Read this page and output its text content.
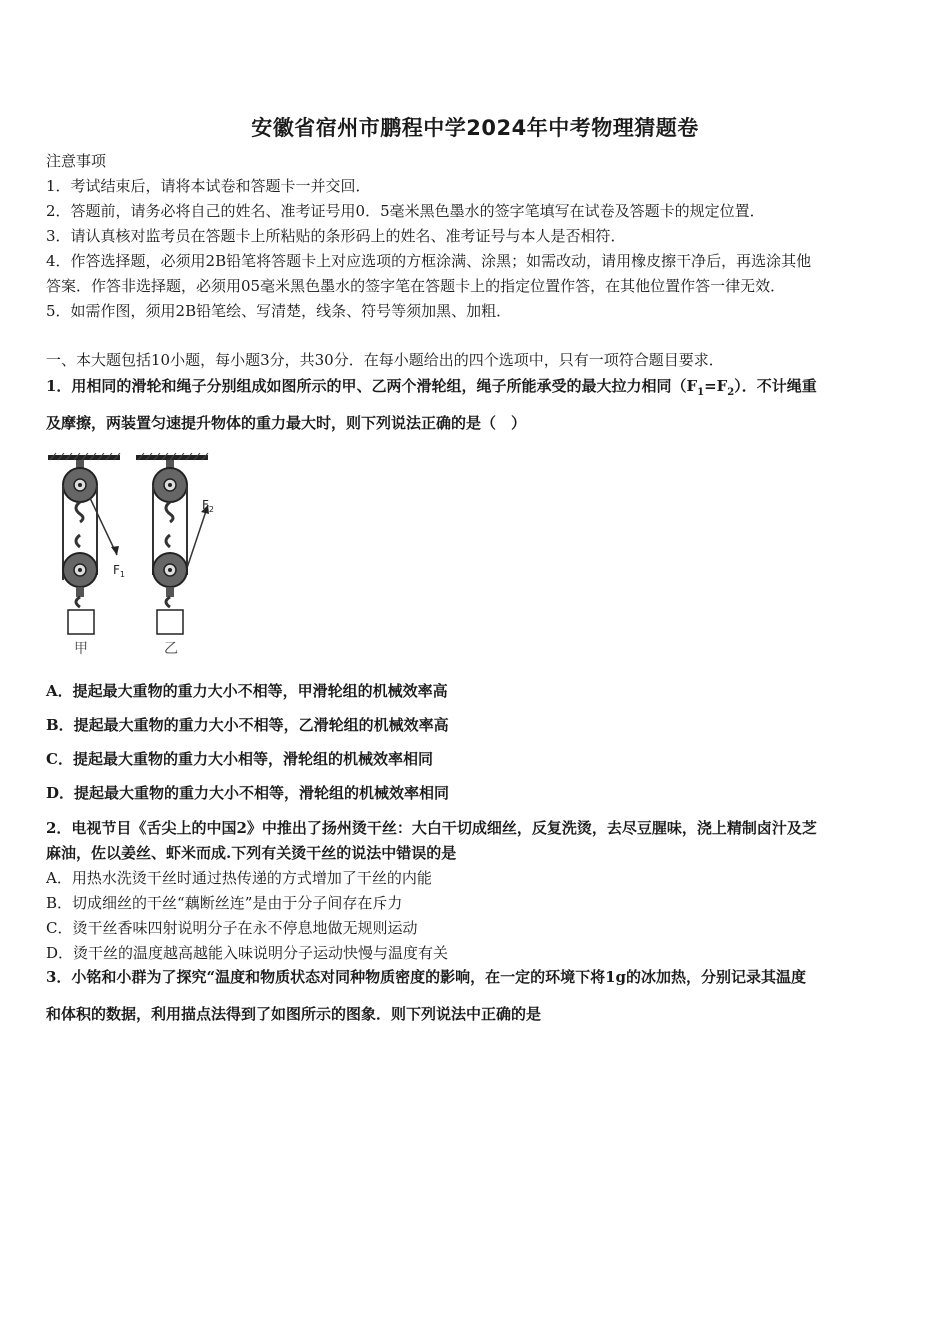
安徽省宿州市鹏程中学2024年中考物理猜题卷
注意事项
1．考试结束后，请将本试卷和答题卡一并交回．
2．答题前，请务必将自己的姓名、准考证号用0．5毫米黑色墨水的签字笔填写在试卷及答题卡的规定位置．
3．请认真核对监考员在答题卡上所粘贴的条形码上的姓名、准考证号与本人是否相符．
4．作答选择题，必须用2B铅笔将答题卡上对应选项的方框涂满、涂黑；如需改动，请用橡皮擦干净后，再选涂其他
答案．作答非选择题，必须用05毫米黑色墨水的签字笔在答题卡上的指定位置作答，在其他位置作答一律无效．
5．如需作图，须用2B铅笔绘、写清楚，线条、符号等须加黑、加粗．
一、本大题包括10小题，每小题3分，共30分．在每小题给出的四个选项中，只有一项符合题目要求．
1．用相同的滑轮和绳子分别组成如图所示的甲、乙两个滑轮组，绳子所能承受的最大拉力相同$(F_1=F_2)$．不计绳重
及摩擦，两装置匀速提升物体的重力最大时，则下列说法正确的是（　）
$F_1$
甲
$F_2$
乙
A．提起最大重物的重力大小不相等，甲滑轮组的机械效率高
B．提起最大重物的重力大小不相等，乙滑轮组的机械效率高
C．提起最大重物的重力大小相等，滑轮组的机械效率相同
D．提起最大重物的重力大小不相等，滑轮组的机械效率相同
2．电视节目《舌尖上的中国2》中推出了扬州烫干丝：大白干切成细丝，反复洗烫，去尽豆腥味，浇上精制卤汁及芝
麻油，佐以姜丝、虾米而成.下列有关烫干丝的说法中错误的是
A．用热水洗烫干丝时通过热传递的方式增加了干丝的内能
B．切成细丝的干丝“藕断丝连”是由于分子间存在斥力
C．烫干丝香味四射说明分子在永不停息地做无规则运动
D．烫干丝的温度越高越能入味说明分子运动快慢与温度有关
3．小铭和小群为了探究“温度和物质状态对同种物质密度的影响，在一定的环境下将1g的冰加热，分别记录其温度
和体积的数据，利用描点法得到了如图所示的图象．则下列说法中正确的是
